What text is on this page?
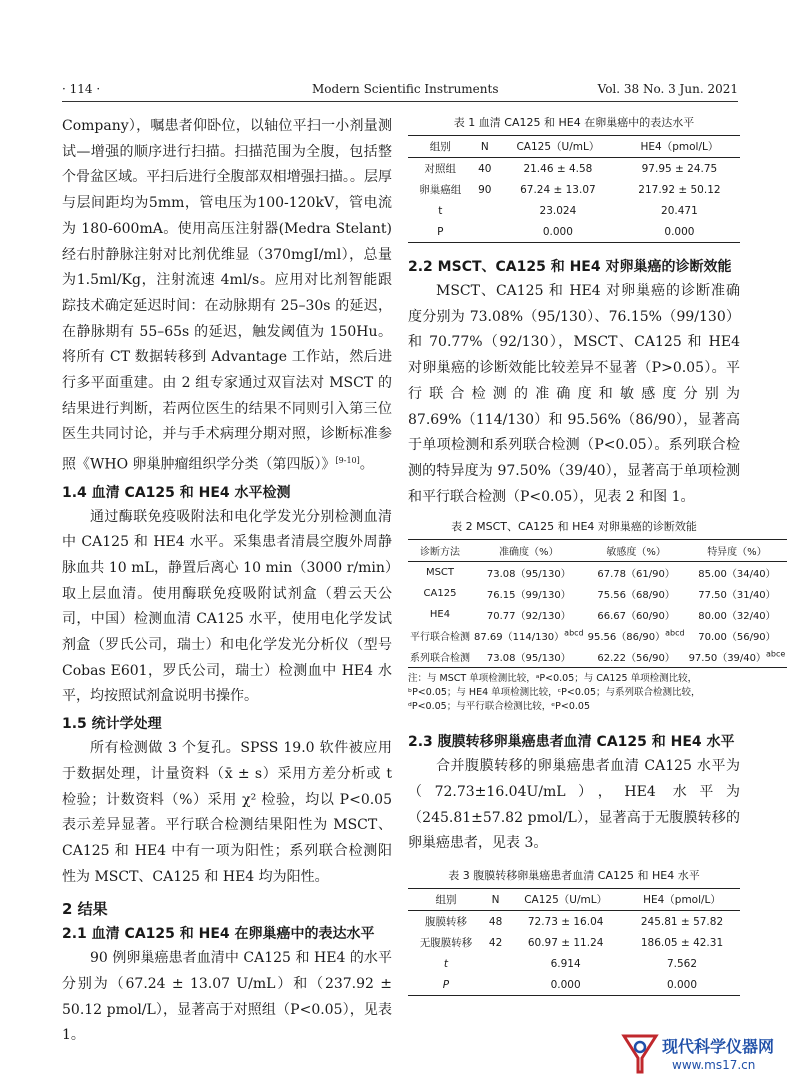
· 114 ·	Modern Scientific Instruments	Vol. 38 No. 3 Jun. 2021

Company），嘱患者仰卧位，以轴位平扫一小剂量测试—增强的顺序进行扫描。扫描范围为全腹，包括整个骨盆区域。平扫后进行全腹部双相增强扫描。。层厚与层间距均为5mm，管电压为100-120kV，管电流为 180-600mA。使用高压注射器(Medra Stelant)经右肘静脉注射对比剂优维显（370mgI/ml），总量为1.5ml/Kg，注射流速 4ml/s。应用对比剂智能跟踪技术确定延迟时间：在动脉期有 25–30s 的延迟，在静脉期有 55–65s 的延迟，触发阈值为 150Hu。将所有 CT 数据转移到 Advantage 工作站，然后进行多平面重建。由 2 组专家通过双盲法对 MSCT 的结果进行判断，若两位医生的结果不同则引入第三位医生共同讨论，并与手术病理分期对照，诊断标准参照《WHO 卵巢肿瘤组织学分类（第四版）》[9-10]。

1.4 血清 CA125 和 HE4 水平检测

通过酶联免疫吸附法和电化学发光分别检测血清中 CA125 和 HE4 水平。采集患者清晨空腹外周静脉血共 10 mL，静置后离心 10 min（3000 r/min）取上层血清。使用酶联免疫吸附试剂盒（碧云天公司，中国）检测血清 CA125 水平，使用电化学发试剂盒（罗氏公司，瑞士）和电化学发光分析仪（型号 Cobas E601，罗氏公司，瑞士）检测血中 HE4 水平，均按照试剂盒说明书操作。

1.5 统计学处理

所有检测做 3 个复孔。SPSS 19.0 软件被应用于数据处理，计量资料（x̄ ± s）采用方差分析或 t 检验；计数资料（%）采用 χ² 检验，均以 P<0.05 表示差异显著。平行联合检测结果阳性为 MSCT、CA125 和 HE4 中有一项为阳性；系列联合检测阳性为 MSCT、CA125 和 HE4 均为阳性。

2 结果
2.1 血清 CA125 和 HE4 在卵巢癌中的表达水平

90 例卵巢癌患者血清中 CA125 和 HE4 的水平分别为（67.24 ± 13.07 U/mL）和（237.92 ± 50.12 pmol/L），显著高于对照组（P<0.05），见表 1。

表 1 血清 CA125 和 HE4 在卵巢癌中的表达水平
组别	N	CA125（U/mL）	HE4（pmol/L）
对照组	40	21.46 ± 4.58	97.95 ± 24.75
卵巢癌组	90	67.24 ± 13.07	217.92 ± 50.12
t		23.024	20.471
P		0.000	0.000
2.2 MSCT、CA125 和 HE4 对卵巢癌的诊断效能

MSCT、CA125 和 HE4 对卵巢癌的诊断准确度分别为 73.08%（95/130）、76.15%（99/130）和 70.77%（92/130），MSCT、CA125 和 HE4 对卵巢癌的诊断效能比较差异不显著（P>0.05）。平行联合检测的准确度和敏感度分别为 87.69%（114/130）和 95.56%（86/90），显著高于单项检测和系列联合检测（P<0.05）。系列联合检测的特异度为 97.50%（39/40），显著高于单项检测和平行联合检测（P<0.05），见表 2 和图 1。

表 2 MSCT、CA125 和 HE4 对卵巢癌的诊断效能
诊断方法	准确度（%）	敏感度（%）	特异度（%）
MSCT	73.08（95/130）	67.78（61/90）	85.00（34/40）
CA125	76.15（99/130）	75.56（68/90）	77.50（31/40）
HE4	70.77（92/130）	66.67（60/90）	80.00（32/40）
平行联合检测	$87.69(114/130)^{abcd}$	$95.56(86/90)^{abcd}$	70.00（56/90）
系列联合检测	73.08（95/130）	62.22（56/90）	$97.50(39/40)^{abce}$
注：与 MSCT 单项检测比较，ᵃP<0.05；与 CA125 单项检测比较，ᵇP<0.05；与 HE4 单项检测比较，ᶜP<0.05；与系列联合检测比较，ᵈP<0.05；与平行联合检测比较，ᵉP<0.05
2.3 腹膜转移卵巢癌患者血清 CA125 和 HE4 水平

合并腹膜转移的卵巢癌患者血清 CA125 水平为（72.73±16.04U/mL），HE4 水平为（245.81±57.82 pmol/L），显著高于无腹膜转移的卵巢癌患者，见表 3。

表 3 腹膜转移卵巢癌患者血清 CA125 和 HE4 水平
组别	N	CA125（U/mL）	HE4（pmol/L）
腹膜转移	48	72.73 ± 16.04	245.81 ± 57.82
无腹膜转移	42	60.97 ± 11.24	186.05 ± 42.31
t		6.914	7.562
P		0.000	0.000
现代科学仪器网
www.ms17.cn
